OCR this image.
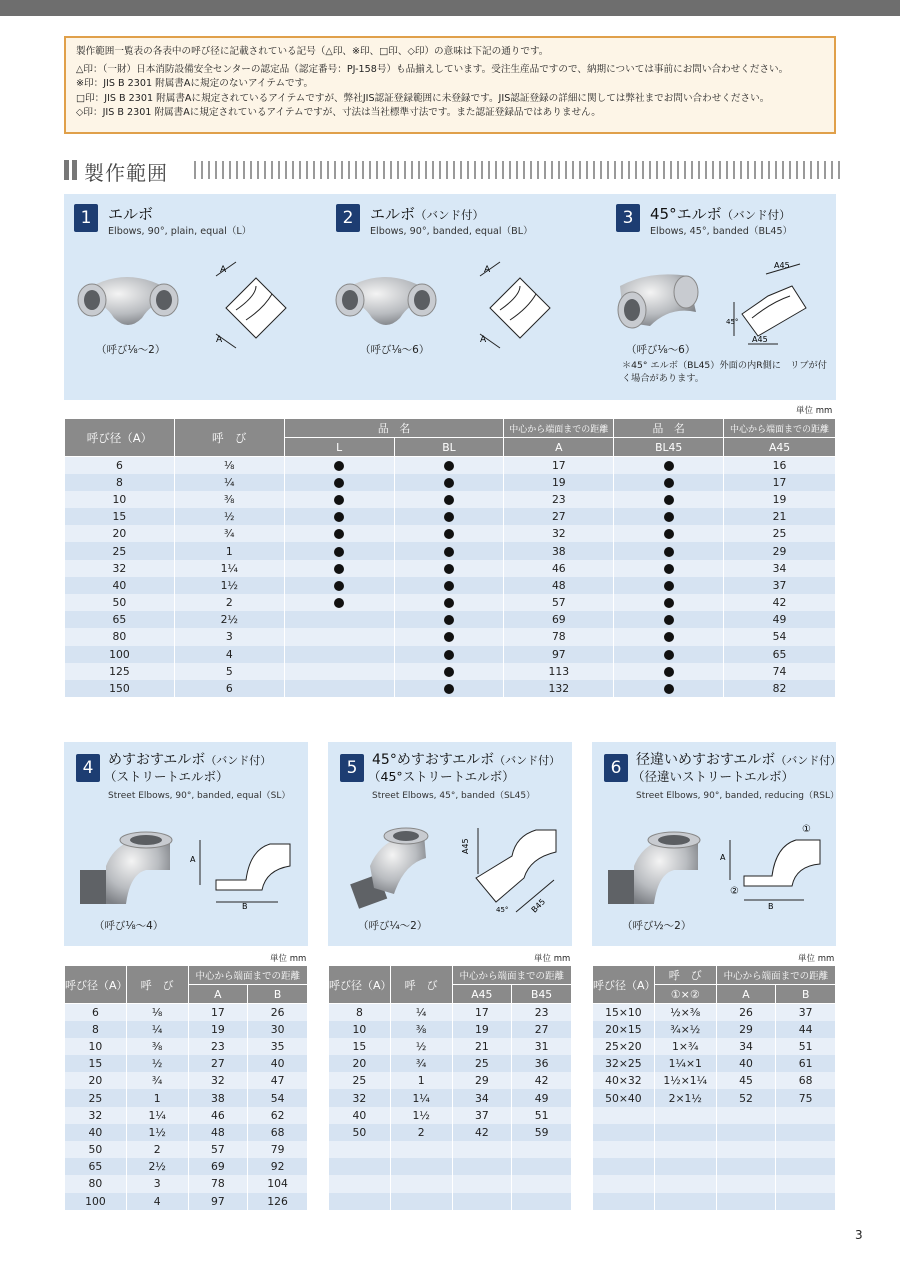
製作範囲一覧表の各表中の呼び径に記載されている記号（△印、※印、□印、◇印）の意味は下記の通りです。
△印：（一財）日本消防設備安全センターの認定品（認定番号：PJ-158号）も品揃えしています。受注生産品ですので、納期については事前にお問い合わせください。
※印：JIS B 2301 附属書Aに規定のないアイテムです。
□印：JIS B 2301 附属書Aに規定されているアイテムですが、弊社JIS認証登録範囲に未登録です。JIS認証登録の詳細に関しては弊社までお問い合わせください。
◇印：JIS B 2301 附属書Aに規定されているアイテムですが、寸法は当社標準寸法です。また認証登録品ではありません。
製作範囲
1	エルボ
Elbows, 90°, plain, equal（L）
A
A
（呼び⅛～2）
2	エルボ（バンド付）
Elbows, 90°, banded, equal（BL）
A
A
（呼び⅛～6）
3	45°エルボ（バンド付）
Elbows, 45°, banded（BL45）
A45
45°
A45
（呼び⅛～6）
＊45° エルボ（BL45）外面の内R側に　リブが付く場合があります。
単位 mm
呼び径（A）	呼　び	品　名		中心から端面までの距離	品　名	中心から端面までの距離
		L	BL	A	BL45	A45
6	⅛			17		16
8	¼			19		17
10	⅜			23		19
15	½			27		21
20	¾			32		25
25	1			38		29
32	1¼			46		34
40	1½			48		37
50	2			57		42
65	2½			69		49
80	3			78		54
100	4			97		65
125	5			113		74
150	6			132		82
4	めすおすエルボ（バンド付）
（ストリートエルボ）
Street Elbows, 90°, banded, equal（SL）
A
B
（呼び⅛～4）
5	45°めすおすエルボ（バンド付）
（45°ストリートエルボ）
Street Elbows, 45°, banded（SL45）
A45
45°	B45
（呼び¼～2）
6	径違いめすおすエルボ（バンド付）
（径違いストリートエルボ）
Street Elbows, 90°, banded, reducing（RSL）
A
B
①
②
（呼び½～2）
単位 mm	単位 mm	単位 mm
呼び径（A）	呼　び	中心から端面までの距離	
		A	B
6	⅛	17	26
8	¼	19	30
10	⅜	23	35
15	½	27	40
20	¾	32	47
25	1	38	54
32	1¼	46	62
40	1½	48	68
50	2	57	79
65	2½	69	92
80	3	78	104
100	4	97	126
呼び径（A）	呼　び	中心から端面までの距離	
		A45	B45
8	¼	17	23
10	⅜	19	27
15	½	21	31
20	¾	25	36
25	1	29	42
32	1¼	34	49
40	1½	37	51
50	2	42	59

呼び径（A）	呼　び	中心から端面までの距離	
	①×②	A	B
15×10	½×⅜	26	37
20×15	¾×½	29	44
25×20	1×¾	34	51
32×25	1¼×1	40	61
40×32	1½×1¼	45	68
50×40	2×1½	52	75

3
